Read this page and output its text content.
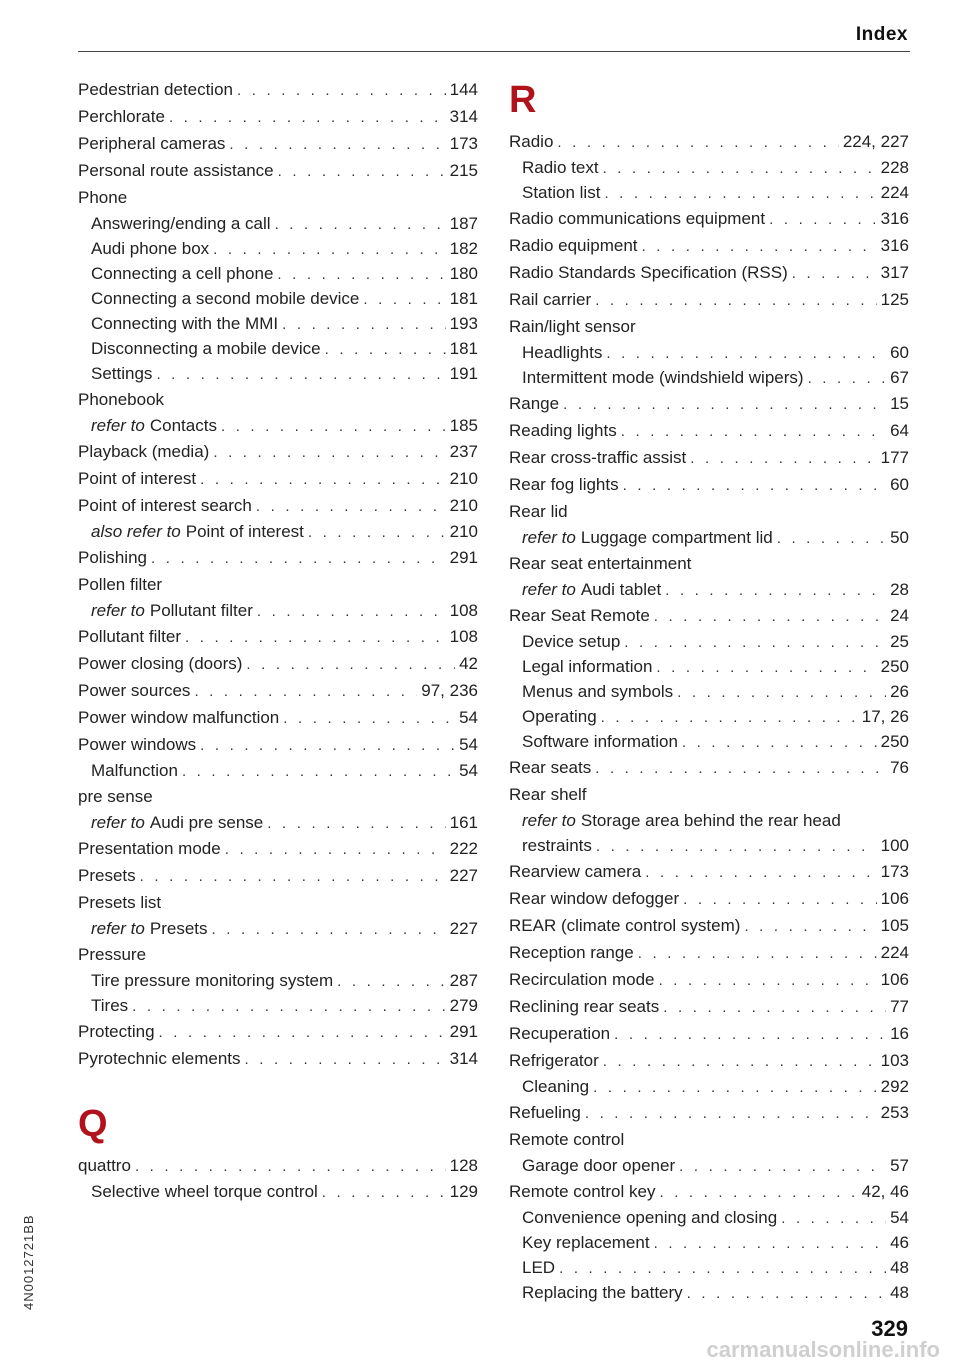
Index
Pedestrian detection . . .	144
Perchlorate . . .	314
Peripheral cameras . . .	173
Personal route assistance . . .	215
Phone
Answering/ending a call . . .	187
Audi phone box . . .	182
Connecting a cell phone . . .	180
Connecting a second mobile device . . .	181
Connecting with the MMI . . .	193
Disconnecting a mobile device . . .	181
Settings . . .	191
Phonebook
refer to Contacts . . .	185
Playback (media) . . .	237
Point of interest . . .	210
Point of interest search . . .	210
also refer to Point of interest . . .	210
Polishing . . .	291
Pollen filter
refer to Pollutant filter . . .	108
Pollutant filter . . .	108
Power closing (doors) . . .	42
Power sources . . .	97, 236
Power window malfunction . . .	54
Power windows . . .	54
Malfunction . . .	54
pre sense
refer to Audi pre sense . . .	161
Presentation mode . . .	222
Presets . . .	227
Presets list
refer to Presets . . .	227
Pressure
Tire pressure monitoring system . . .	287
Tires . . .	279
Protecting . . .	291
Pyrotechnic elements . . .	314
Q
quattro . . .	128
Selective wheel torque control . . .	129
R
Radio . . .	224, 227
Radio text . . .	228
Station list . . .	224
Radio communications equipment . . .	316
Radio equipment . . .	316
Radio Standards Specification (RSS) . . .	317
Rail carrier . . .	125
Rain/light sensor
Headlights . . .	60
Intermittent mode (windshield wipers) . . .	67
Range . . .	15
Reading lights . . .	64
Rear cross-traffic assist . . .	177
Rear fog lights . . .	60
Rear lid
refer to Luggage compartment lid . . .	50
Rear seat entertainment
refer to Audi tablet . . .	28
Rear Seat Remote . . .	24
Device setup . . .	25
Legal information . . .	250
Menus and symbols . . .	26
Operating . . .	17, 26
Software information . . .	250
Rear seats . . .	76
Rear shelf
refer to Storage area behind the rear head
restraints . . .	100
Rearview camera . . .	173
Rear window defogger . . .	106
REAR (climate control system) . . .	105
Reception range . . .	224
Recirculation mode . . .	106
Reclining rear seats . . .	77
Recuperation . . .	16
Refrigerator . . .	103
Cleaning . . .	292
Refueling . . .	253
Remote control
Garage door opener . . .	57
Remote control key . . .	42, 46
Convenience opening and closing . . .	54
Key replacement . . .	46
LED . . .	48
Replacing the battery . . .	48
4N0012721BB
329
carmanualsonline.info
